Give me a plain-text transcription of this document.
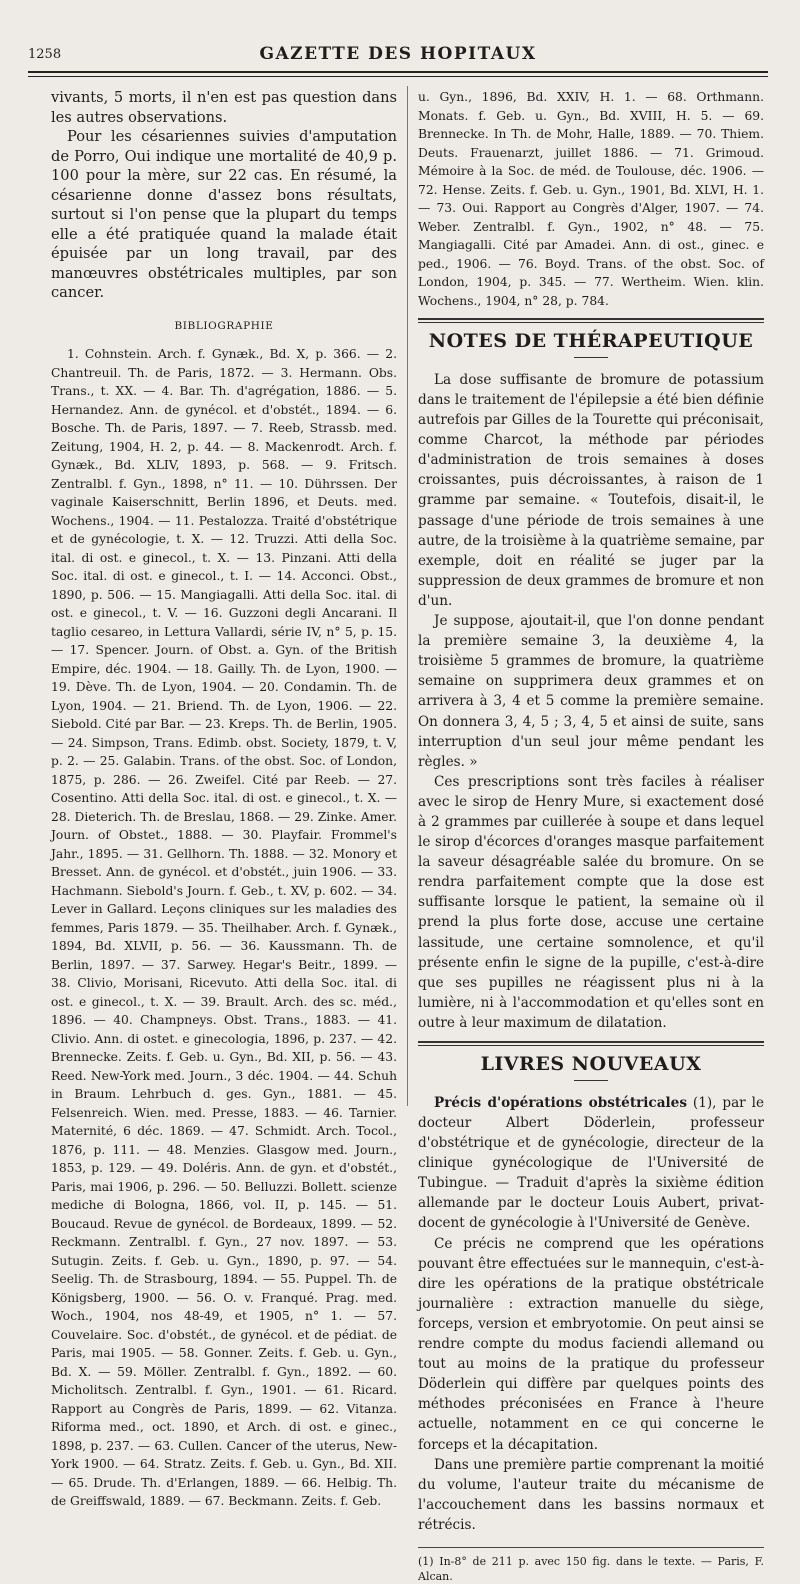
1258	GAZETTE DES HOPITAUX

vivants, 5 morts, il n'en est pas question dans les autres observations.

Pour les césariennes suivies d'amputation de Porro, Oui indique une mortalité de 40,9 p. 100 pour la mère, sur 22 cas. En résumé, la césarienne donne d'assez bons résultats, surtout si l'on pense que la plupart du temps elle a été pratiquée quand la malade était épuisée par un long travail, par des manœuvres obstétricales multiples, par son cancer.

BIBLIOGRAPHIE

1. Cohnstein. Arch. f. Gynæk., Bd. X, p. 366. — 2. Chantreuil. Th. de Paris, 1872. — 3. Hermann. Obs. Trans., t. XX. — 4. Bar. Th. d'agrégation, 1886. — 5. Hernandez. Ann. de gynécol. et d'obstét., 1894. — 6. Bosche. Th. de Paris, 1897. — 7. Reeb, Strassb. med. Zeitung, 1904, H. 2, p. 44. — 8. Mackenrodt. Arch. f. Gynæk., Bd. XLIV, 1893, p. 568. — 9. Fritsch. Zentralbl. f. Gyn., 1898, n° 11. — 10. Dührssen. Der vaginale Kaiserschnitt, Berlin 1896, et Deuts. med. Wochens., 1904. — 11. Pestalozza. Traité d'obstétrique et de gynécologie, t. X. — 12. Truzzi. Atti della Soc. ital. di ost. e ginecol., t. X. — 13. Pinzani. Atti della Soc. ital. di ost. e ginecol., t. I. — 14. Acconci. Obst., 1890, p. 506. — 15. Mangiagalli. Atti della Soc. ital. di ost. e ginecol., t. V. — 16. Guzzoni degli Ancarani. Il taglio cesareo, in Lettura Vallardi, série IV, n° 5, p. 15. — 17. Spencer. Journ. of Obst. a. Gyn. of the British Empire, déc. 1904. — 18. Gailly. Th. de Lyon, 1900. — 19. Dève. Th. de Lyon, 1904. — 20. Condamin. Th. de Lyon, 1904. — 21. Briend. Th. de Lyon, 1906. — 22. Siebold. Cité par Bar. — 23. Kreps. Th. de Berlin, 1905. — 24. Simpson, Trans. Edimb. obst. Society, 1879, t. V, p. 2. — 25. Galabin. Trans. of the obst. Soc. of London, 1875, p. 286. — 26. Zweifel. Cité par Reeb. — 27. Cosentino. Atti della Soc. ital. di ost. e ginecol., t. X. — 28. Dieterich. Th. de Breslau, 1868. — 29. Zinke. Amer. Journ. of Obstet., 1888. — 30. Playfair. Frommel's Jahr., 1895. — 31. Gellhorn. Th. 1888. — 32. Monory et Bresset. Ann. de gynécol. et d'obstét., juin 1906. — 33. Hachmann. Siebold's Journ. f. Geb., t. XV, p. 602. — 34. Lever in Gallard. Leçons cliniques sur les maladies des femmes, Paris 1879. — 35. Theilhaber. Arch. f. Gynæk., 1894, Bd. XLVII, p. 56. — 36. Kaussmann. Th. de Berlin, 1897. — 37. Sarwey. Hegar's Beitr., 1899. — 38. Clivio, Morisani, Ricevuto. Atti della Soc. ital. di ost. e ginecol., t. X. — 39. Brault. Arch. des sc. méd., 1896. — 40. Champneys. Obst. Trans., 1883. — 41. Clivio. Ann. di ostet. e ginecologia, 1896, p. 237. — 42. Brennecke. Zeits. f. Geb. u. Gyn., Bd. XII, p. 56. — 43. Reed. New-York med. Journ., 3 déc. 1904. — 44. Schuh in Braum. Lehrbuch d. ges. Gyn., 1881. — 45. Felsenreich. Wien. med. Presse, 1883. — 46. Tarnier. Maternité, 6 déc. 1869. — 47. Schmidt. Arch. Tocol., 1876, p. 111. — 48. Menzies. Glasgow med. Journ., 1853, p. 129. — 49. Doléris. Ann. de gyn. et d'obstét., Paris, mai 1906, p. 296. — 50. Belluzzi. Bollett. scienze mediche di Bologna, 1866, vol. II, p. 145. — 51. Boucaud. Revue de gynécol. de Bordeaux, 1899. — 52. Reckmann. Zentralbl. f. Gyn., 27 nov. 1897. — 53. Sutugin. Zeits. f. Geb. u. Gyn., 1890, p. 97. — 54. Seelig. Th. de Strasbourg, 1894. — 55. Puppel. Th. de Königsberg, 1900. — 56. O. v. Franqué. Prag. med. Woch., 1904, nos 48-49, et 1905, n° 1. — 57. Couvelaire. Soc. d'obstét., de gynécol. et de pédiat. de Paris, mai 1905. — 58. Gonner. Zeits. f. Geb. u. Gyn., Bd. X. — 59. Möller. Zentralbl. f. Gyn., 1892. — 60. Micholitsch. Zentralbl. f. Gyn., 1901. — 61. Ricard. Rapport au Congrès de Paris, 1899. — 62. Vitanza. Riforma med., oct. 1890, et Arch. di ost. e ginec., 1898, p. 237. — 63. Cullen. Cancer of the uterus, New-York 1900. — 64. Stratz. Zeits. f. Geb. u. Gyn., Bd. XII. — 65. Drude. Th. d'Erlangen, 1889. — 66. Helbig. Th. de Greiffswald, 1889. — 67. Beckmann. Zeits. f. Geb.

u. Gyn., 1896, Bd. XXIV, H. 1. — 68. Orthmann. Monats. f. Geb. u. Gyn., Bd. XVIII, H. 5. — 69. Brennecke. In Th. de Mohr, Halle, 1889. — 70. Thiem. Deuts. Frauenarzt, juillet 1886. — 71. Grimoud. Mémoire à la Soc. de méd. de Toulouse, déc. 1906. — 72. Hense. Zeits. f. Geb. u. Gyn., 1901, Bd. XLVI, H. 1. — 73. Oui. Rapport au Congrès d'Alger, 1907. — 74. Weber. Zentralbl. f. Gyn., 1902, n° 48. — 75. Mangiagalli. Cité par Amadei. Ann. di ost., ginec. e ped., 1906. — 76. Boyd. Trans. of the obst. Soc. of London, 1904, p. 345. — 77. Wertheim. Wien. klin. Wochens., 1904, n° 28, p. 784.

NOTES DE THÉRAPEUTIQUE

La dose suffisante de bromure de potassium dans le traitement de l'épilepsie a été bien définie autrefois par Gilles de la Tourette qui préconisait, comme Charcot, la méthode par périodes d'administration de trois semaines à doses croissantes, puis décroissantes, à raison de 1 gramme par semaine. « Toutefois, disait-il, le passage d'une période de trois semaines à une autre, de la troisième à la quatrième semaine, par exemple, doit en réalité se juger par la suppression de deux grammes de bromure et non d'un.

Je suppose, ajoutait-il, que l'on donne pendant la première semaine 3, la deuxième 4, la troisième 5 grammes de bromure, la quatrième semaine on supprimera deux grammes et on arrivera à 3, 4 et 5 comme la première semaine. On donnera 3, 4, 5 ; 3, 4, 5 et ainsi de suite, sans interruption d'un seul jour même pendant les règles. »

Ces prescriptions sont très faciles à réaliser avec le sirop de Henry Mure, si exactement dosé à 2 grammes par cuillerée à soupe et dans lequel le sirop d'écorces d'oranges masque parfaitement la saveur désagréable salée du bromure. On se rendra parfaitement compte que la dose est suffisante lorsque le patient, la semaine où il prend la plus forte dose, accuse une certaine lassitude, une certaine somnolence, et qu'il présente enfin le signe de la pupille, c'est-à-dire que ses pupilles ne réagissent plus ni à la lumière, ni à l'accommodation et qu'elles sont en outre à leur maximum de dilatation.

LIVRES NOUVEAUX

Précis d'opérations obstétricales (1), par le docteur Albert Döderlein, professeur d'obstétrique et de gynécologie, directeur de la clinique gynécologique de l'Université de Tubingue. — Traduit d'après la sixième édition allemande par le docteur Louis Aubert, privat-docent de gynécologie à l'Université de Genève.

Ce précis ne comprend que les opérations pouvant être effectuées sur le mannequin, c'est-à-dire les opérations de la pratique obstétricale journalière : extraction manuelle du siège, forceps, version et embryotomie. On peut ainsi se rendre compte du modus faciendi allemand ou tout au moins de la pratique du professeur Döderlein qui diffère par quelques points des méthodes préconisées en France à l'heure actuelle, notamment en ce qui concerne le forceps et la décapitation.

Dans une première partie comprenant la moitié du volume, l'auteur traite du mécanisme de l'accouchement dans les bassins normaux et rétrécis.

(1) In-8° de 211 p. avec 150 fig. dans le texte. — Paris, F. Alcan.
